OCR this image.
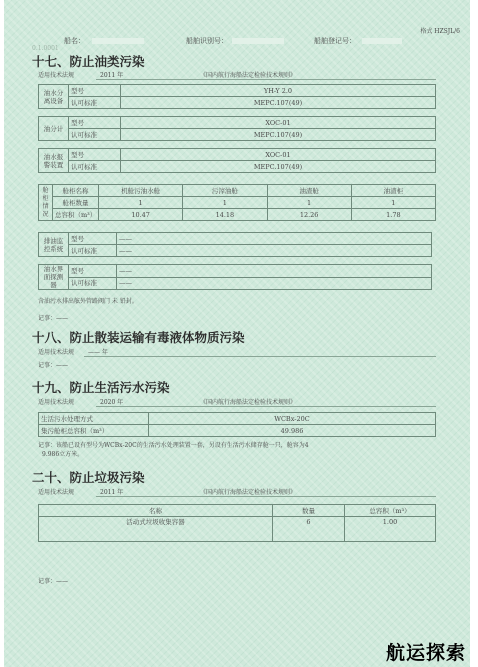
格式 HZSJL/6
船名：	船舶识别号：	船舶登记号：
0.1.0001
十七、防止油类污染
适用技术法规	2011 年	《国内航行海船法定检验技术规则》
油水分离设备	型号	YH-Y 2.0
	认可标准	MEPC.107(49)
油分计	型号	XOC-01
	认可标准	MEPC.107(49)
油水报警装置	型号	XOC-01
	认可标准	MEPC.107(49)
舱柜情况	舱柜名称	机舱污油水舱	污滓油舱	油渣舱	油渣柜
	舱柜数量	1	1	1	1
	总容积（m³）	10.47	14.18	12.26	1.78
排油监控系统	型号	——
	认可标准	——
油水界面探测器	型号	——
	认可标准	——
含油污水排出舷外管路阀门 未 铅封。
记事：——
十八、防止散装运输有毒液体物质污染
适用技术法规 —— 年
记事：——
十九、防止生活污水污染
适用技术法规	2020 年	《国内航行海船法定检验技术规则》
生活污水处理方式	WCBx-20C
集污舱柜总容积（m³）	49.986
记事：该船已设有型号为WCBx-20C的生活污水处理装置一套，另设有生活污水储存舱一只，舱容为4
9.986立方米。
二十、防止垃圾污染
适用技术法规	2011 年	《国内航行海船法定检验技术规则》
名称	数量	总容积（m³）
活动式垃圾收集容器	6	1.00
记事：——
航运探索
